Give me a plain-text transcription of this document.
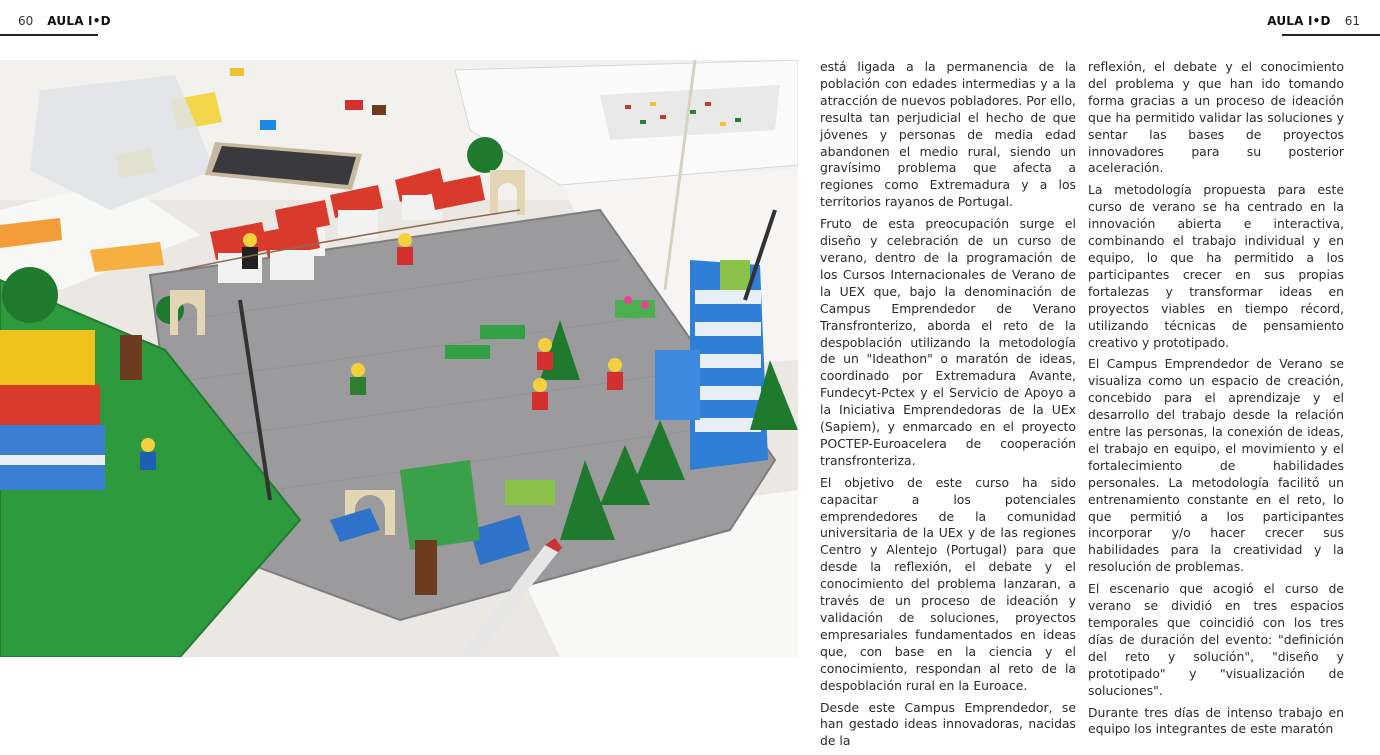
60 AULA I•D	AULA I•D 61

está ligada a la permanencia de la población con edades intermedias y a la atracción de nuevos pobladores. Por ello, resulta tan perjudicial el hecho de que jóvenes y personas de media edad abandonen el medio rural, siendo un gravísimo problema que afecta a regiones como Extremadura y a los territorios rayanos de Portugal.

Fruto de esta preocupación surge el diseño y celebración de un curso de verano, dentro de la programación de los Cursos Internacionales de Verano de la UEX que, bajo la denominación de Campus Emprendedor de Verano Transfronterizo, aborda el reto de la despoblación utilizando la metodología de un "Ideathon" o maratón de ideas, coordinado por Extremadura Avante, Fundecyt-Pctex y el Servicio de Apoyo a la Iniciativa Emprendedoras de la UEx (Sapiem), y enmarcado en el proyecto POCTEP-Euroacelera de cooperación transfronteriza.

El objetivo de este curso ha sido capacitar a los potenciales emprendedores de la comunidad universitaria de la UEx y de las regiones Centro y Alentejo (Portugal) para que desde la reflexión, el debate y el conocimiento del problema lanzaran, a través de un proceso de ideación y validación de soluciones, proyectos empresariales fundamentados en ideas que, con base en la ciencia y el conocimiento, respondan al reto de la despoblación rural en la Euroace.

Desde este Campus Emprendedor, se han gestado ideas innovadoras, nacidas de la

reflexión, el debate y el conocimiento del problema y que han ido tomando forma gracias a un proceso de ideación que ha permitido validar las soluciones y sentar las bases de proyectos innovadores para su posterior aceleración.

La metodología propuesta para este curso de verano se ha centrado en la innovación abierta e interactiva, combinando el trabajo individual y en equipo, lo que ha permitido a los participantes crecer en sus propias fortalezas y transformar ideas en proyectos viables en tiempo récord, utilizando técnicas de pensamiento creativo y prototipado.

El Campus Emprendedor de Verano se visualiza como un espacio de creación, concebido para el aprendizaje y el desarrollo del trabajo desde la relación entre las personas, la conexión de ideas, el trabajo en equipo, el movimiento y el fortalecimiento de habilidades personales. La metodología facilitó un entrenamiento constante en el reto, lo que permitió a los participantes incorporar y/o hacer crecer sus habilidades para la creatividad y la resolución de problemas.

El escenario que acogió el curso de verano se dividió en tres espacios temporales que coincidió con los tres días de duración del evento: "definición del reto y solución", "diseño y prototipado" y "visualización de soluciones".

Durante tres días de intenso trabajo en equipo los integrantes de este maratón
